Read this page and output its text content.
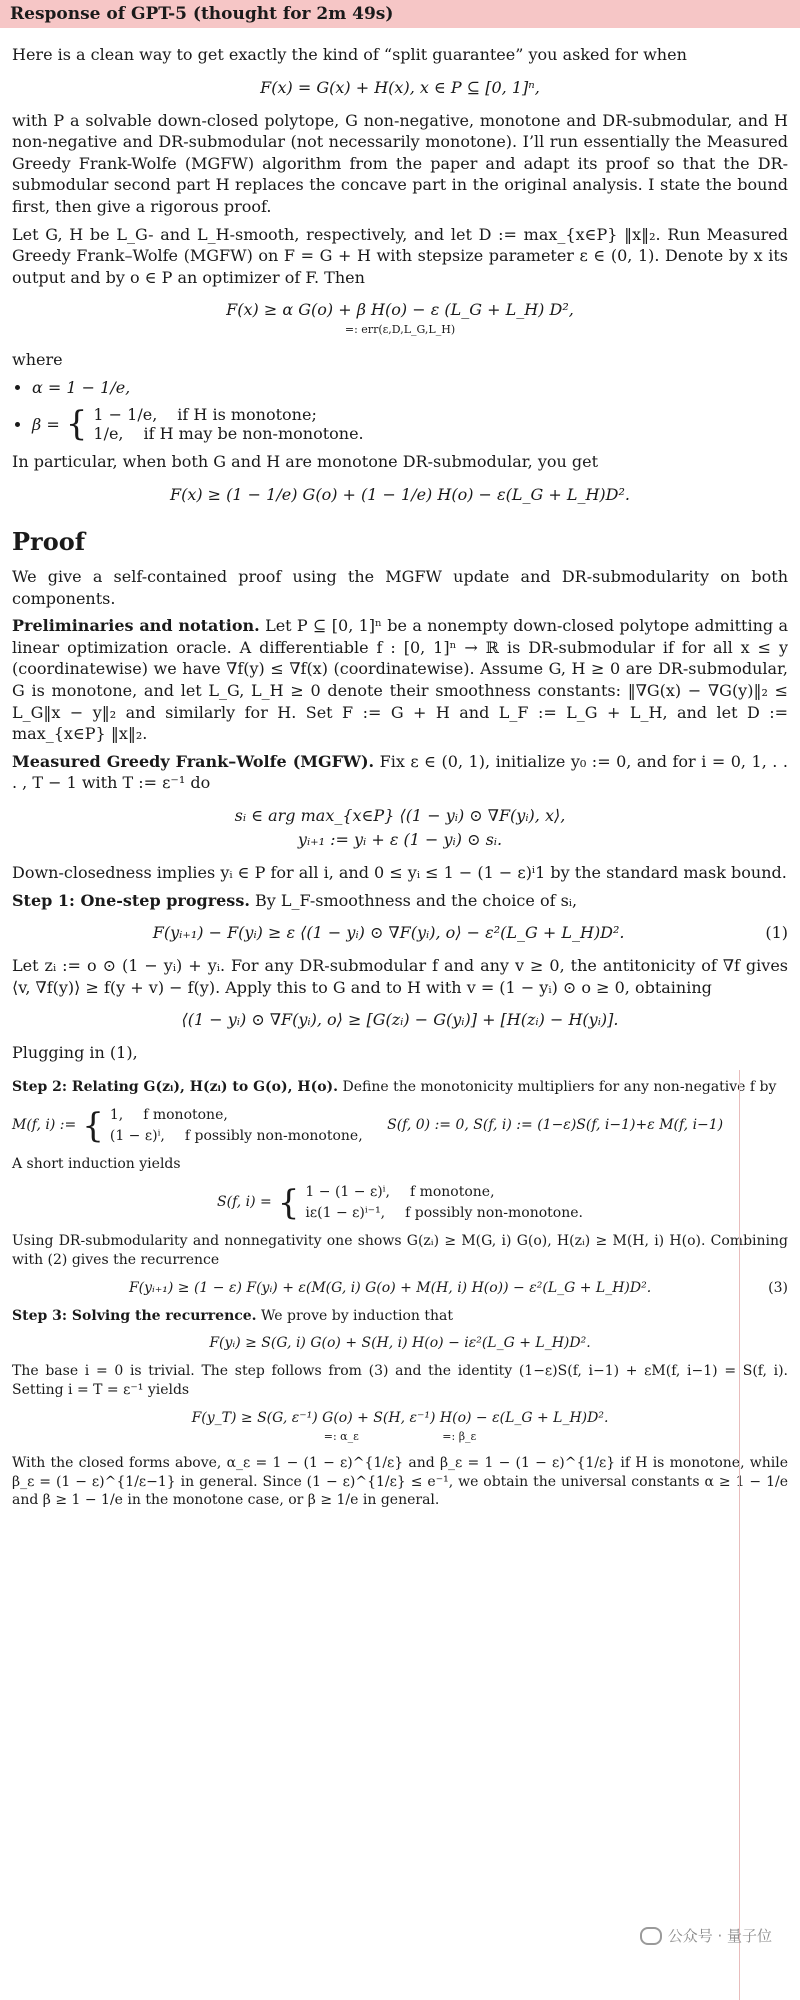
Response of GPT-5 (thought for 2m 49s)

Here is a clean way to get exactly the kind of “split guarantee” you asked for when

F(x) = G(x) + H(x), x ∈ P ⊆ [0, 1]ⁿ,

with P a solvable down-closed polytope, G non-negative, monotone and DR-submodular, and H non-negative and DR-submodular (not necessarily monotone). I’ll run essentially the Measured Greedy Frank-Wolfe (MGFW) algorithm from the paper and adapt its proof so that the DR-submodular second part H replaces the concave part in the original analysis. I state the bound first, then give a rigorous proof.

Let G, H be L_G- and L_H-smooth, respectively, and let D := max_{x∈P} ‖x‖₂. Run Measured Greedy Frank–Wolfe (MGFW) on F = G + H with stepsize parameter ε ∈ (0, 1). Denote by x its output and by o ∈ P an optimizer of F. Then

F(x) ≥ α G(o) + β H(o) − ε (L_G + L_H) D²,
=: err(ε,D,L_G,L_H)

where

• α = 1 − 1/e,
• β = { 1 − 1/e, if H is monotone;
1/e, if H may be non-monotone.

In particular, when both G and H are monotone DR-submodular, you get

F(x) ≥ (1 − 1/e) G(o) + (1 − 1/e) H(o) − ε(L_G + L_H)D².
Proof

We give a self-contained proof using the MGFW update and DR-submodularity on both components.

Preliminaries and notation. Let P ⊆ [0, 1]ⁿ be a nonempty down-closed polytope admitting a linear optimization oracle. A differentiable f : [0, 1]ⁿ → ℝ is DR-submodular if for all x ≤ y (coordinatewise) we have ∇f(y) ≤ ∇f(x) (coordinatewise). Assume G, H ≥ 0 are DR-submodular, G is monotone, and let L_G, L_H ≥ 0 denote their smoothness constants: ‖∇G(x) − ∇G(y)‖₂ ≤ L_G‖x − y‖₂ and similarly for H. Set F := G + H and L_F := L_G + L_H, and let D := max_{x∈P} ‖x‖₂.

Measured Greedy Frank–Wolfe (MGFW). Fix ε ∈ (0, 1), initialize y₀ := 0, and for i = 0, 1, . . . , T − 1 with T := ε⁻¹ do

sᵢ ∈ arg max_{x∈P} ⟨(1 − yᵢ) ⊙ ∇F(yᵢ), x⟩,
yᵢ₊₁ := yᵢ + ε (1 − yᵢ) ⊙ sᵢ.

Down-closedness implies yᵢ ∈ P for all i, and 0 ≤ yᵢ ≤ 1 − (1 − ε)ⁱ1 by the standard mask bound.

Step 1: One-step progress. By L_F-smoothness and the choice of sᵢ,

(1)
F(yᵢ₊₁) − F(yᵢ) ≥ ε ⟨(1 − yᵢ) ⊙ ∇F(yᵢ), o⟩ − ε²(L_G + L_H)D².

Let zᵢ := o ⊙ (1 − yᵢ) + yᵢ. For any DR-submodular f and any v ≥ 0, the antitonicity of ∇f gives ⟨v, ∇f(y)⟩ ≥ f(y + v) − f(y). Apply this to G and to H with v = (1 − yᵢ) ⊙ o ≥ 0, obtaining

⟨(1 − yᵢ) ⊙ ∇F(yᵢ), o⟩ ≥ [G(zᵢ) − G(yᵢ)] + [H(zᵢ) − H(yᵢ)].

Plugging in (1),

Step 2: Relating G(zᵢ), H(zᵢ) to G(o), H(o). Define the monotonicity multipliers for any non-negative f by

M(f, i) := { 1, f monotone,
(1 − ε)ⁱ, f possibly non-monotone,
S(f, 0) := 0, S(f, i) := (1−ε)S(f, i−1)+ε M(f, i−1)

A short induction yields

S(f, i) = { 1 − (1 − ε)ⁱ, f monotone,
iε(1 − ε)ⁱ⁻¹, f possibly non-monotone.

Using DR-submodularity and nonnegativity one shows G(zᵢ) ≥ M(G, i) G(o), H(zᵢ) ≥ M(H, i) H(o). Combining with (2) gives the recurrence

(3)
F(yᵢ₊₁) ≥ (1 − ε) F(yᵢ) + ε(M(G, i) G(o) + M(H, i) H(o)) − ε²(L_G + L_H)D².

Step 3: Solving the recurrence. We prove by induction that

F(yᵢ) ≥ S(G, i) G(o) + S(H, i) H(o) − iε²(L_G + L_H)D².

The base i = 0 is trivial. The step follows from (3) and the identity (1−ε)S(f, i−1) + εM(f, i−1) = S(f, i). Setting i = T = ε⁻¹ yields

F(y_T) ≥ S(G, ε⁻¹) G(o) + S(H, ε⁻¹) H(o) − ε(L_G + L_H)D².
=: α_ε	=: β_ε

With the closed forms above, α_ε = 1 − (1 − ε)^{1/ε} and β_ε = 1 − (1 − ε)^{1/ε} if H is monotone, while β_ε = (1 − ε)^{1/ε−1} in general. Since (1 − ε)^{1/ε} ≤ e⁻¹, we obtain the universal constants α ≥ 1 − 1/e and β ≥ 1 − 1/e in the monotone case, or β ≥ 1/e in general.

公众号 · 量子位
